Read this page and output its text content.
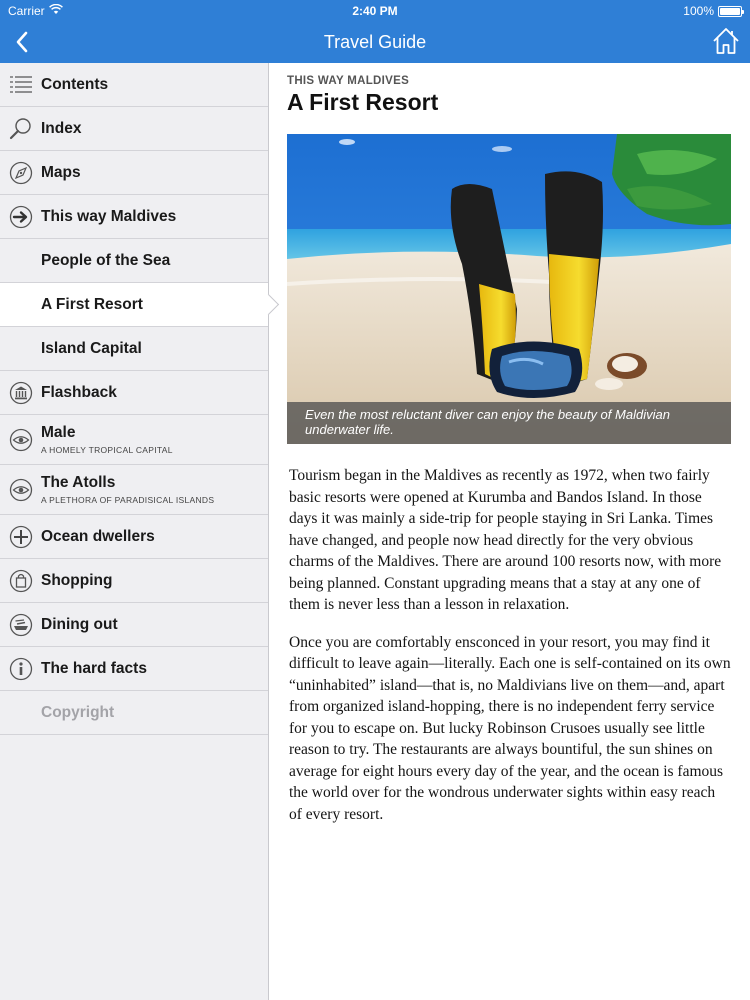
Carrier	2:40 PM	100%
Travel Guide
Contents
Index
Maps
This way Maldives
People of the Sea
A First Resort
Island Capital
Flashback
Male
A HOMELY TROPICAL CAPITAL
The Atolls
A PLETHORA OF PARADISICAL ISLANDS
Ocean dwellers
Shopping
Dining out
The hard facts
Copyright
THIS WAY MALDIVES
A First Resort
Even the most reluctant diver can enjoy the beauty of Maldivian underwater life.

Tourism began in the Maldives as recently as 1972, when two fairly basic resorts were opened at Kurumba and Bandos Island. In those days it was mainly a side-trip for people staying in Sri Lanka. Times have changed, and people now head directly for the very obvious charms of the Maldives. There are around 100 resorts now, with more being planned. Constant upgrading means that a stay at any one of them is never less than a lesson in relaxation.

Once you are comfortably ensconced in your resort, you may find it difficult to leave again—literally. Each one is self-contained on its own “uninhabited” island—that is, no Maldivians live on them—and, apart from organized island-hopping, there is no independent ferry service for you to escape on. But lucky Robinson Crusoes usually see little reason to try. The restaurants are always bountiful, the sun shines on average for eight hours every day of the year, and the ocean is famous the world over for the wondrous underwater sights within easy reach of every resort.
